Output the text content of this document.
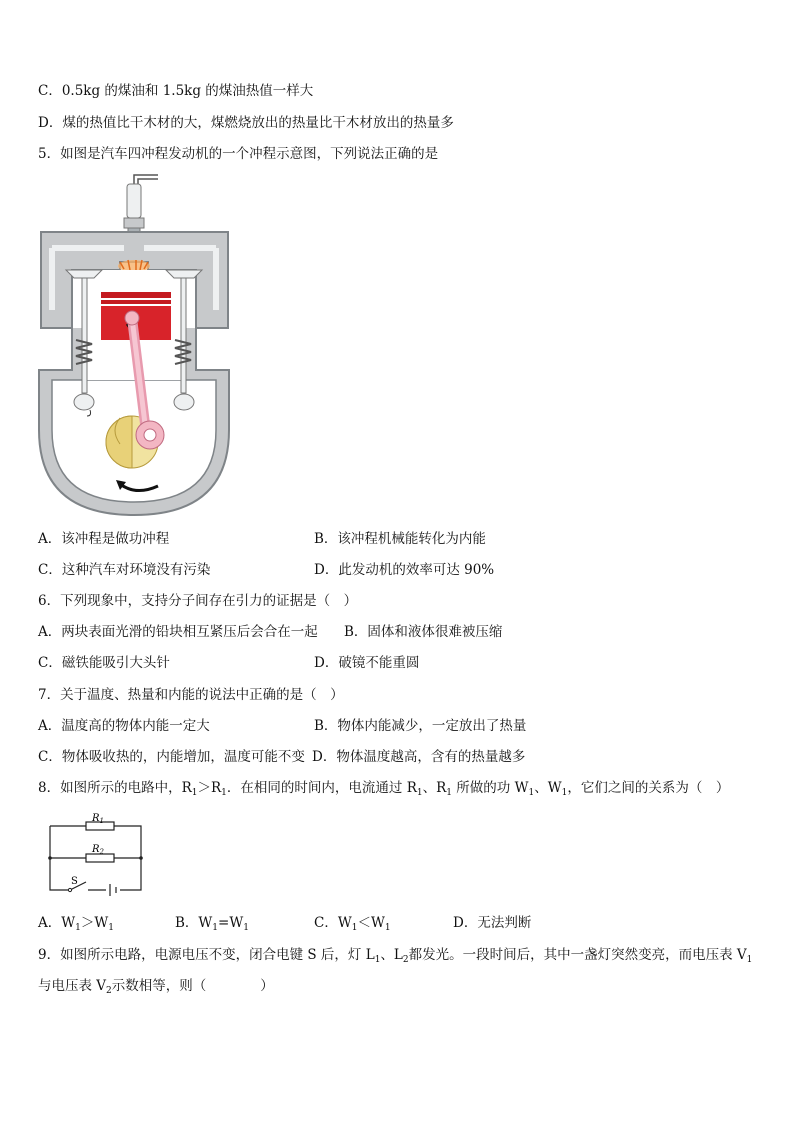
C．0.5kg 的煤油和 1.5kg 的煤油热值一样大
D．煤的热值比干木材的大，煤燃烧放出的热量比干木材放出的热量多
5．如图是汽车四冲程发动机的一个冲程示意图，下列说法正确的是
A．该冲程是做功冲程	B．该冲程机械能转化为内能
C．这种汽车对环境没有污染	D．此发动机的效率可达 90%
6．下列现象中，支持分子间存在引力的证据是（　）
A．两块表面光滑的铅块相互紧压后会合在一起 B．固体和液体很难被压缩
C．磁铁能吸引大头针	D．破镜不能重圆
7．关于温度、热量和内能的说法中正确的是（　）
A．温度高的物体内能一定大	B．物体内能减少，一定放出了热量
C．物体吸收热的，内能增加，温度可能不变 D．物体温度越高，含有的热量越多
8．如图所示的电路中，$R_1>R_1$．在相同的时间内，电流通过 $R_1$、$R_1$ 所做的功 $W_1$、$W_1$，它们之间的关系为（　）
$R_1$
$R_2$
S
A．$W_1>W_1$	B．$W_1=W_1$	C．$W_1<W_1$	D．无法判断
9．如图所示电路，电源电压不变，闭合电键 S 后，灯 $L_1$、$L_2$都发光。一段时间后，其中一盏灯突然变亮，而电压表 $V_1$
与电压表 $V_2$示数相等，则（　　　　）
